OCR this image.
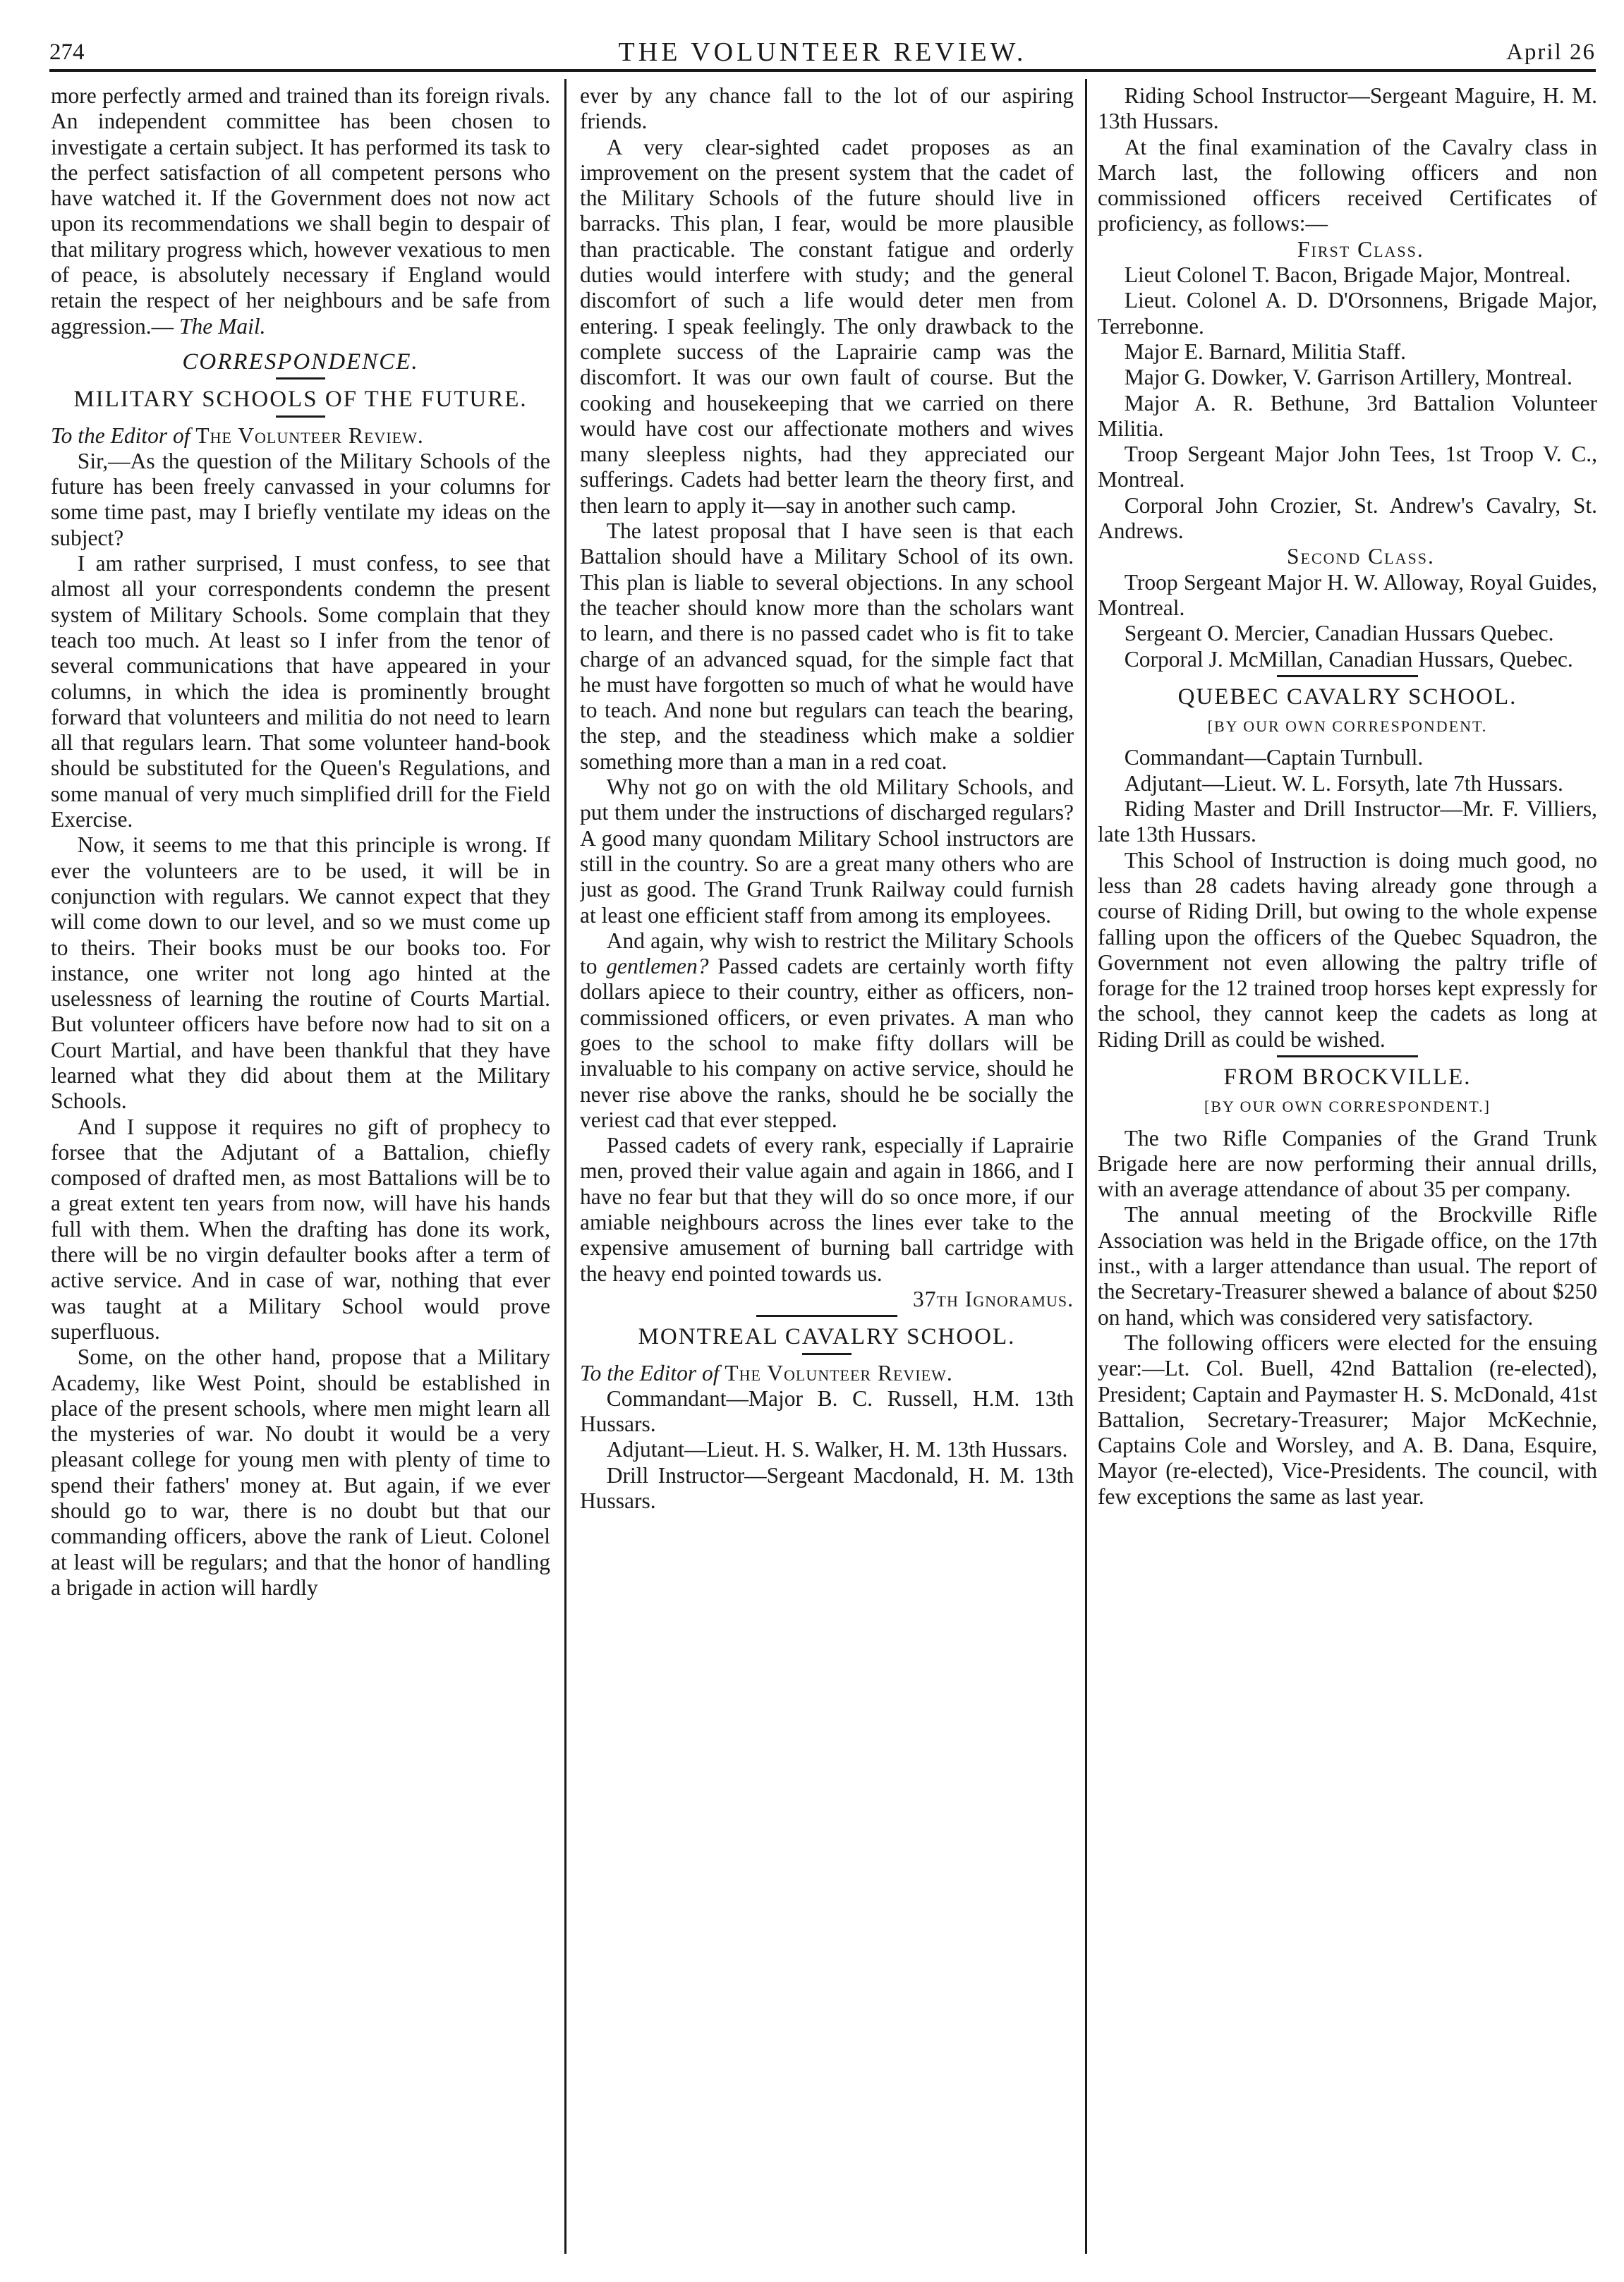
274	THE VOLUNTEER REVIEW.	April 26

more perfectly armed and trained than its foreign rivals. An independent committee has been chosen to investigate a certain subject. It has performed its task to the perfect satisfaction of all competent persons who have watched it. If the Government does not now act upon its recommendations we shall begin to despair of that military progress which, however vexatious to men of peace, is absolutely necessary if England would retain the respect of her neighbours and be safe from aggression.— The Mail.

CORRESPONDENCE.
MILITARY SCHOOLS OF THE FUTURE.

To the Editor of The Volunteer Review.

Sir,—As the question of the Military Schools of the future has been freely canvassed in your columns for some time past, may I briefly ventilate my ideas on the subject?

I am rather surprised, I must confess, to see that almost all your correspondents condemn the present system of Military Schools. Some complain that they teach too much. At least so I infer from the tenor of several communications that have appeared in your columns, in which the idea is prominently brought forward that volunteers and militia do not need to learn all that regulars learn. That some volunteer hand-book should be substituted for the Queen's Regulations, and some manual of very much simplified drill for the Field Exercise.

Now, it seems to me that this principle is wrong. If ever the volunteers are to be used, it will be in conjunction with regulars. We cannot expect that they will come down to our level, and so we must come up to theirs. Their books must be our books too. For instance, one writer not long ago hinted at the uselessness of learning the routine of Courts Martial. But volunteer officers have before now had to sit on a Court Martial, and have been thankful that they have learned what they did about them at the Military Schools.

And I suppose it requires no gift of prophecy to forsee that the Adjutant of a Battalion, chiefly composed of drafted men, as most Battalions will be to a great extent ten years from now, will have his hands full with them. When the drafting has done its work, there will be no virgin defaulter books after a term of active service. And in case of war, nothing that ever was taught at a Military School would prove superfluous.

Some, on the other hand, propose that a Military Academy, like West Point, should be established in place of the present schools, where men might learn all the mysteries of war. No doubt it would be a very pleasant college for young men with plenty of time to spend their fathers' money at. But again, if we ever should go to war, there is no doubt but that our commanding officers, above the rank of Lieut. Colonel at least will be regulars; and that the honor of handling a brigade in action will hardly

ever by any chance fall to the lot of our aspiring friends.

A very clear-sighted cadet proposes as an improvement on the present system that the cadet of the Military Schools of the future should live in barracks. This plan, I fear, would be more plausible than practicable. The constant fatigue and orderly duties would interfere with study; and the general discomfort of such a life would deter men from entering. I speak feelingly. The only drawback to the complete success of the Laprairie camp was the discomfort. It was our own fault of course. But the cooking and housekeeping that we carried on there would have cost our affectionate mothers and wives many sleepless nights, had they appreciated our sufferings. Cadets had better learn the theory first, and then learn to apply it—say in another such camp.

The latest proposal that I have seen is that each Battalion should have a Military School of its own. This plan is liable to several objections. In any school the teacher should know more than the scholars want to learn, and there is no passed cadet who is fit to take charge of an advanced squad, for the simple fact that he must have forgotten so much of what he would have to teach. And none but regulars can teach the bearing, the step, and the steadiness which make a soldier something more than a man in a red coat.

Why not go on with the old Military Schools, and put them under the instructions of discharged regulars? A good many quondam Military School instructors are still in the country. So are a great many others who are just as good. The Grand Trunk Railway could furnish at least one efficient staff from among its employees.

And again, why wish to restrict the Military Schools to gentlemen? Passed cadets are certainly worth fifty dollars apiece to their country, either as officers, non-commissioned officers, or even privates. A man who goes to the school to make fifty dollars will be invaluable to his company on active service, should he never rise above the ranks, should he be socially the veriest cad that ever stepped.

Passed cadets of every rank, especially if Laprairie men, proved their value again and again in 1866, and I have no fear but that they will do so once more, if our amiable neighbours across the lines ever take to the expensive amusement of burning ball cartridge with the heavy end pointed towards us.

37th Ignoramus.

MONTREAL CAVALRY SCHOOL.

To the Editor of The Volunteer Review.

Commandant—Major B. C. Russell, H.M. 13th Hussars.

Adjutant—Lieut. H. S. Walker, H. M. 13th Hussars.

Drill Instructor—Sergeant Macdonald, H. M. 13th Hussars.

Riding School Instructor—Sergeant Maguire, H. M. 13th Hussars.

At the final examination of the Cavalry class in March last, the following officers and non commissioned officers received Certificates of proficiency, as follows:—

First Class.

Lieut Colonel T. Bacon, Brigade Major, Montreal.

Lieut. Colonel A. D. D'Orsonnens, Brigade Major, Terrebonne.

Major E. Barnard, Militia Staff.

Major G. Dowker, V. Garrison Artillery, Montreal.

Major A. R. Bethune, 3rd Battalion Volunteer Militia.

Troop Sergeant Major John Tees, 1st Troop V. C., Montreal.

Corporal John Crozier, St. Andrew's Cavalry, St. Andrews.

Second Class.

Troop Sergeant Major H. W. Alloway, Royal Guides, Montreal.

Sergeant O. Mercier, Canadian Hussars Quebec.

Corporal J. McMillan, Canadian Hussars, Quebec.

QUEBEC CAVALRY SCHOOL.
[BY OUR OWN CORRESPONDENT.

Commandant—Captain Turnbull.

Adjutant—Lieut. W. L. Forsyth, late 7th Hussars.

Riding Master and Drill Instructor—Mr. F. Villiers, late 13th Hussars.

This School of Instruction is doing much good, no less than 28 cadets having already gone through a course of Riding Drill, but owing to the whole expense falling upon the officers of the Quebec Squadron, the Government not even allowing the paltry trifle of forage for the 12 trained troop horses kept expressly for the school, they cannot keep the cadets as long at Riding Drill as could be wished.

FROM BROCKVILLE.
[BY OUR OWN CORRESPONDENT.]

The two Rifle Companies of the Grand Trunk Brigade here are now performing their annual drills, with an average attendance of about 35 per company.

The annual meeting of the Brockville Rifle Association was held in the Brigade office, on the 17th inst., with a larger attendance than usual. The report of the Secretary-Treasurer shewed a balance of about $250 on hand, which was considered very satisfactory.

The following officers were elected for the ensuing year:—Lt. Col. Buell, 42nd Battalion (re-elected), President; Captain and Paymaster H. S. McDonald, 41st Battalion, Secretary-Treasurer; Major McKechnie, Captains Cole and Worsley, and A. B. Dana, Esquire, Mayor (re-elected), Vice-Presidents. The council, with few exceptions the same as last year.
